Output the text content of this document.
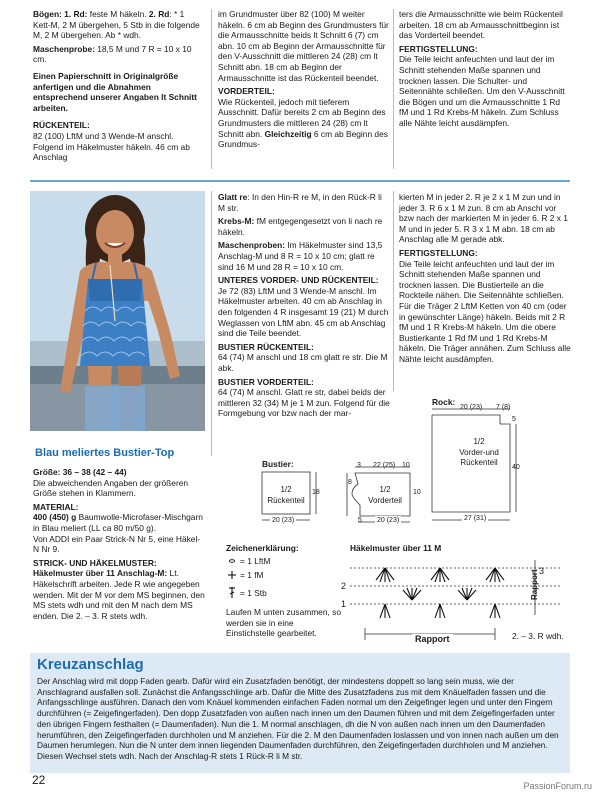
Bögen: 1. Rd: feste M häkeln. 2. Rd: * 1 Kett-M, 2 M übergehen, 5 Stb in die folgende M, 2 M übergehen. Ab * wdh.

Maschenprobe: 18,5 M und 7 R = 10 x 10 cm.

Einen Papierschnitt in Originalgröße anfertigen und die Abnahmen entsprechend unserer Angaben lt Schnitt arbeiten.

RÜCKENTEIL:

82 (100) LftM und 3 Wende-M anschl. Folgend im Häkelmuster häkeln. 46 cm ab Anschlag

im Grundmuster über 82 (100) M weiter häkeln. 6 cm ab Beginn des Grundmusters für die Armausschnitte beids lt Schnitt 6 (7) cm abn. 10 cm ab Beginn der Armausschnitte für den V-Ausschnitt die mittleren 24 (28) cm lt Schnitt abn. 18 cm ab Beginn der Armausschnitte ist das Rückenteil beendet.

VORDERTEIL:

Wie Rückenteil, jedoch mit tieferem Ausschnitt. Dafür bereits 2 cm ab Beginn des Grundmusters die mittleren 24 (28) cm lt Schnitt abn. Gleichzeitig 6 cm ab Beginn des Grundmus-

ters die Armausschnitte wie beim Rückenteil arbeiten. 18 cm ab Armausschnittbeginn ist das Vorderteil beendet.

FERTIGSTELLUNG:

Die Teile leicht anfeuchten und laut der im Schnitt stehenden Maße spannen und trocknen lassen. Die Schulter- und Seitennähte schließen. Um den V-Ausschnitt die Bögen und um die Armausschnitte 1 Rd fM und 1 Rd Krebs-M häkeln. Zum Schluss alle Nähte leicht ausdämpfen.

Blau meliertes Bustier-Top
Größe: 36 – 38 (42 – 44)

Die abweichenden Angaben der größeren Größe stehen in Klammern.

MATERIAL:

400 (450) g Baumwolle-Microfaser-Mischgarn in Blau meliert (LL ca 80 m/50 g).

Von ADDI ein Paar Strick-N Nr 5, eine Häkel-N Nr 9.

STRICK- UND HÄKELMUSTER:

Häkelmuster über 11 Anschlag-M: Lt. Häkelschrift arbeiten. Jede R wie angegeben wenden. Mit der M vor dem MS beginnen, den MS stets wdh und mit den M nach dem MS enden. Die 2. – 3. R stets wdh.

Glatt re: In den Hin-R re M, in den Rück-R li M str.

Krebs-M: fM entgegengesetzt von li nach re häkeln.

Maschenproben: Im Häkelmuster sind 13,5 Anschlag-M und 8 R = 10 x 10 cm; glatt re sind 16 M und 28 R = 10 x 10 cm.

UNTERES VORDER- UND RÜCKENTEIL:

Je 72 (83) LftM und 3 Wende-M anschl. Im Häkelmuster arbeiten. 40 cm ab Anschlag in den folgenden 4 R insgesamt 19 (21) M durch Weglassen von LftM abn. 45 cm ab Anschlag sind die Teile beendet.

BUSTIER RÜCKENTEIL:

64 (74) M anschl und 18 cm glatt re str. Die M abk.

BUSTIER VORDERTEIL:

64 (74) M anschl. Glatt re str, dabei beids der mittleren 32 (34) M je 1 M zun. Folgend für die Formgebung vor bzw nach der mar-

kierten M in jeder 2. R je 2 x 1 M zun und in jeder 3. R 6 x 1 M zun. 8 cm ab Anschl vor bzw nach der markierten M in jeder 6. R 2 x 1 M und in jeder 5. R 3 x 1 M abn. 18 cm ab Anschlag alle M gerade abk.

FERTIGSTELLUNG:

Die Teile leicht anfeuchten und laut der im Schnitt stehenden Maße spannen und trocknen lassen. Die Bustierteile an die Rockteile nähen. Die Seitennähte schließen. Für die Träger 2 LftM Ketten von 40 cm (oder in gewünschter Länge) häkeln. Beids mit 2 R fM und 1 R Krebs-M häkeln. Um die obere Bustierkante 1 Rd fM und 1 Rd Krebs-M häkeln. Die Träger annähen. Zum Schluss alle Nähte leicht ausdämpfen.

Rock:
20 (23) 7 (8)
5
1/2
Vorder-und
Rückenteil
40
27 (31)
Bustier:
1/2
Rückenteil
18
20 (23)
3 22 (25) 10
1/2
Vorderteil
8
10
5 20 (23)
Zeichenerklärung:
= 1 LftM
= 1 fM
= 1 Stb
Laufen M unten zusammen, so werden sie in eine Einstichstelle gearbeitet.
Häkelmuster über 11 M
3
2
1
Rapport
Rapport	2. – 3. R wdh.
Kreuzanschlag
Der Anschlag wird mit dopp Faden gearb. Dafür wird ein Zusatzfaden benötigt, der mindestens doppelt so lang sein muss, wie der Anschlagrand ausfallen soll. Zunächst die Anfangsschlinge arb. Dafür die Mitte des Zusatzfadens zus mit dem Knäuelfaden fassen und die Anfangsschlinge ausführen. Danach den vom Knäuel kommenden einfachen Faden normal um den Zeigefinger legen und unter den Fingern durchführen (= Zeigefingerfaden). Den dopp Zusatzfaden von außen nach innen um den Daumen führen und mit dem Zeigefingerfaden unter den übrigen Fingern festhalten (= Daumenfaden). Nun die 1. M normal anschlagen, dh die N von außen nach innen um den Daumenfaden herumführen, den Zeigefingerfaden durchholen und M anziehen. Für die 2. M den Daumenfaden loslassen und von innen nach außen um den Daumen herumlegen. Nun die N unter dem innen liegenden Daumenfaden durchführen, den Zeigefingerfaden durchholen und M anziehen. Diesen Wechsel stets wdh. Nach der Anschlag-R stets 1 Rück-R li M str.
22	PassionForum.ru
